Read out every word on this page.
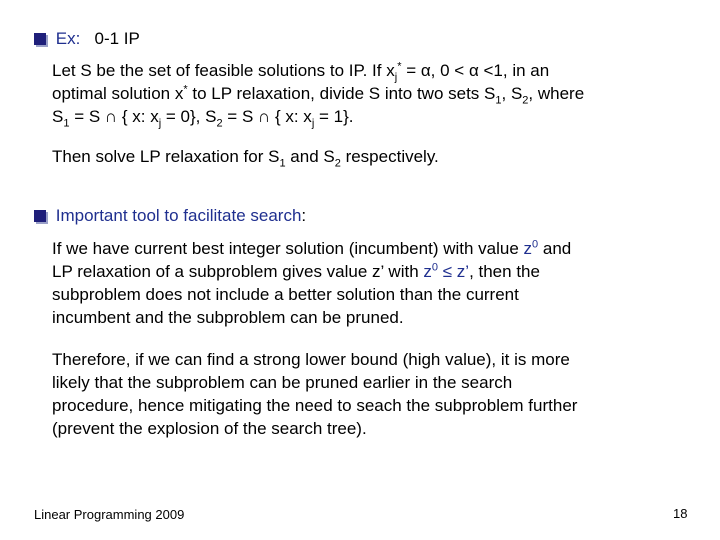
Ex: 0-1 IP
Let S be the set of feasible solutions to IP. If $x_j^* = \alpha$, 0 < α <1, in an
optimal solution x* to LP relaxation, divide S into two sets $S_1$, $S_2$, where
$S_1 = S$ ∩ { x: $x_j = 0$}, $S_2 = S$ ∩ { x: $x_j = 1$}.
Then solve LP relaxation for $S_1$ and $S_2$ respectively.
Important tool to facilitate search:
If we have current best integer solution (incumbent) with value $z^0$ and
LP relaxation of a subproblem gives value z’ with $z^0 \le z$’, then the
subproblem does not include a better solution than the current
incumbent and the subproblem can be pruned.
Therefore, if we can find a strong lower bound (high value), it is more
likely that the subproblem can be pruned earlier in the search
procedure, hence mitigating the need to seach the subproblem further
(prevent the explosion of the search tree).
Linear Programming 2009	18
